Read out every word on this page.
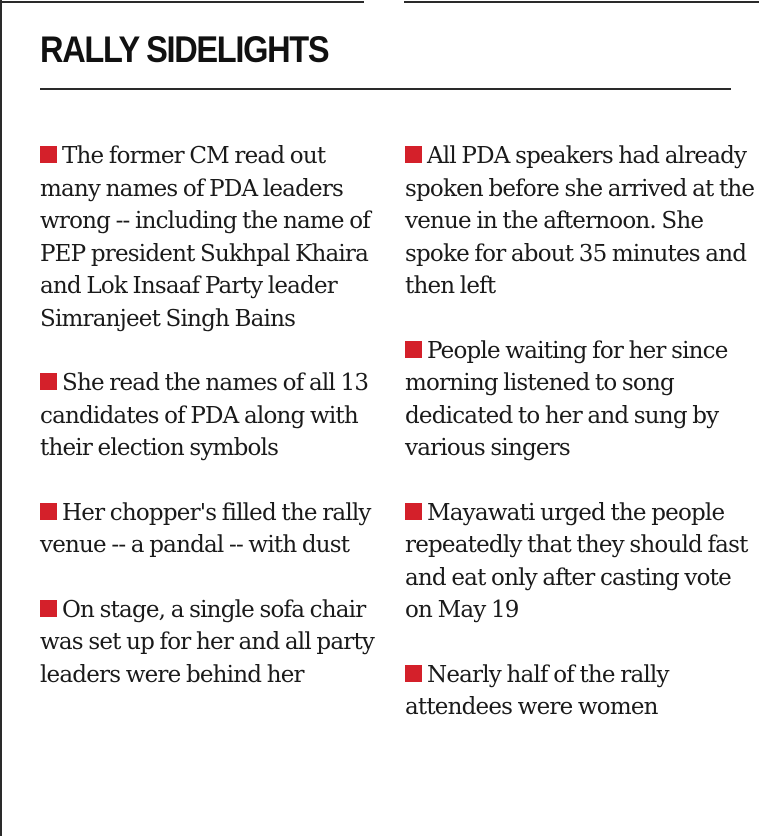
RALLY SIDELIGHTS

The former CM read out many names of PDA leaders wrong -- including the name of PEP president Sukhpal Khaira and Lok Insaaf Party leader Simranjeet Singh Bains

She read the names of all 13 candidates of PDA along with their election symbols

Her chopper's filled the rally venue -- a pandal -- with dust

On stage, a single sofa chair was set up for her and all party leaders were behind her

All PDA speakers had already spoken before she arrived at the venue in the afternoon. She spoke for about 35 minutes and then left

People waiting for her since morning listened to song dedicated to her and sung by various singers

Mayawati urged the people repeatedly that they should fast and eat only after casting vote on May 19

Nearly half of the rally attendees were women
